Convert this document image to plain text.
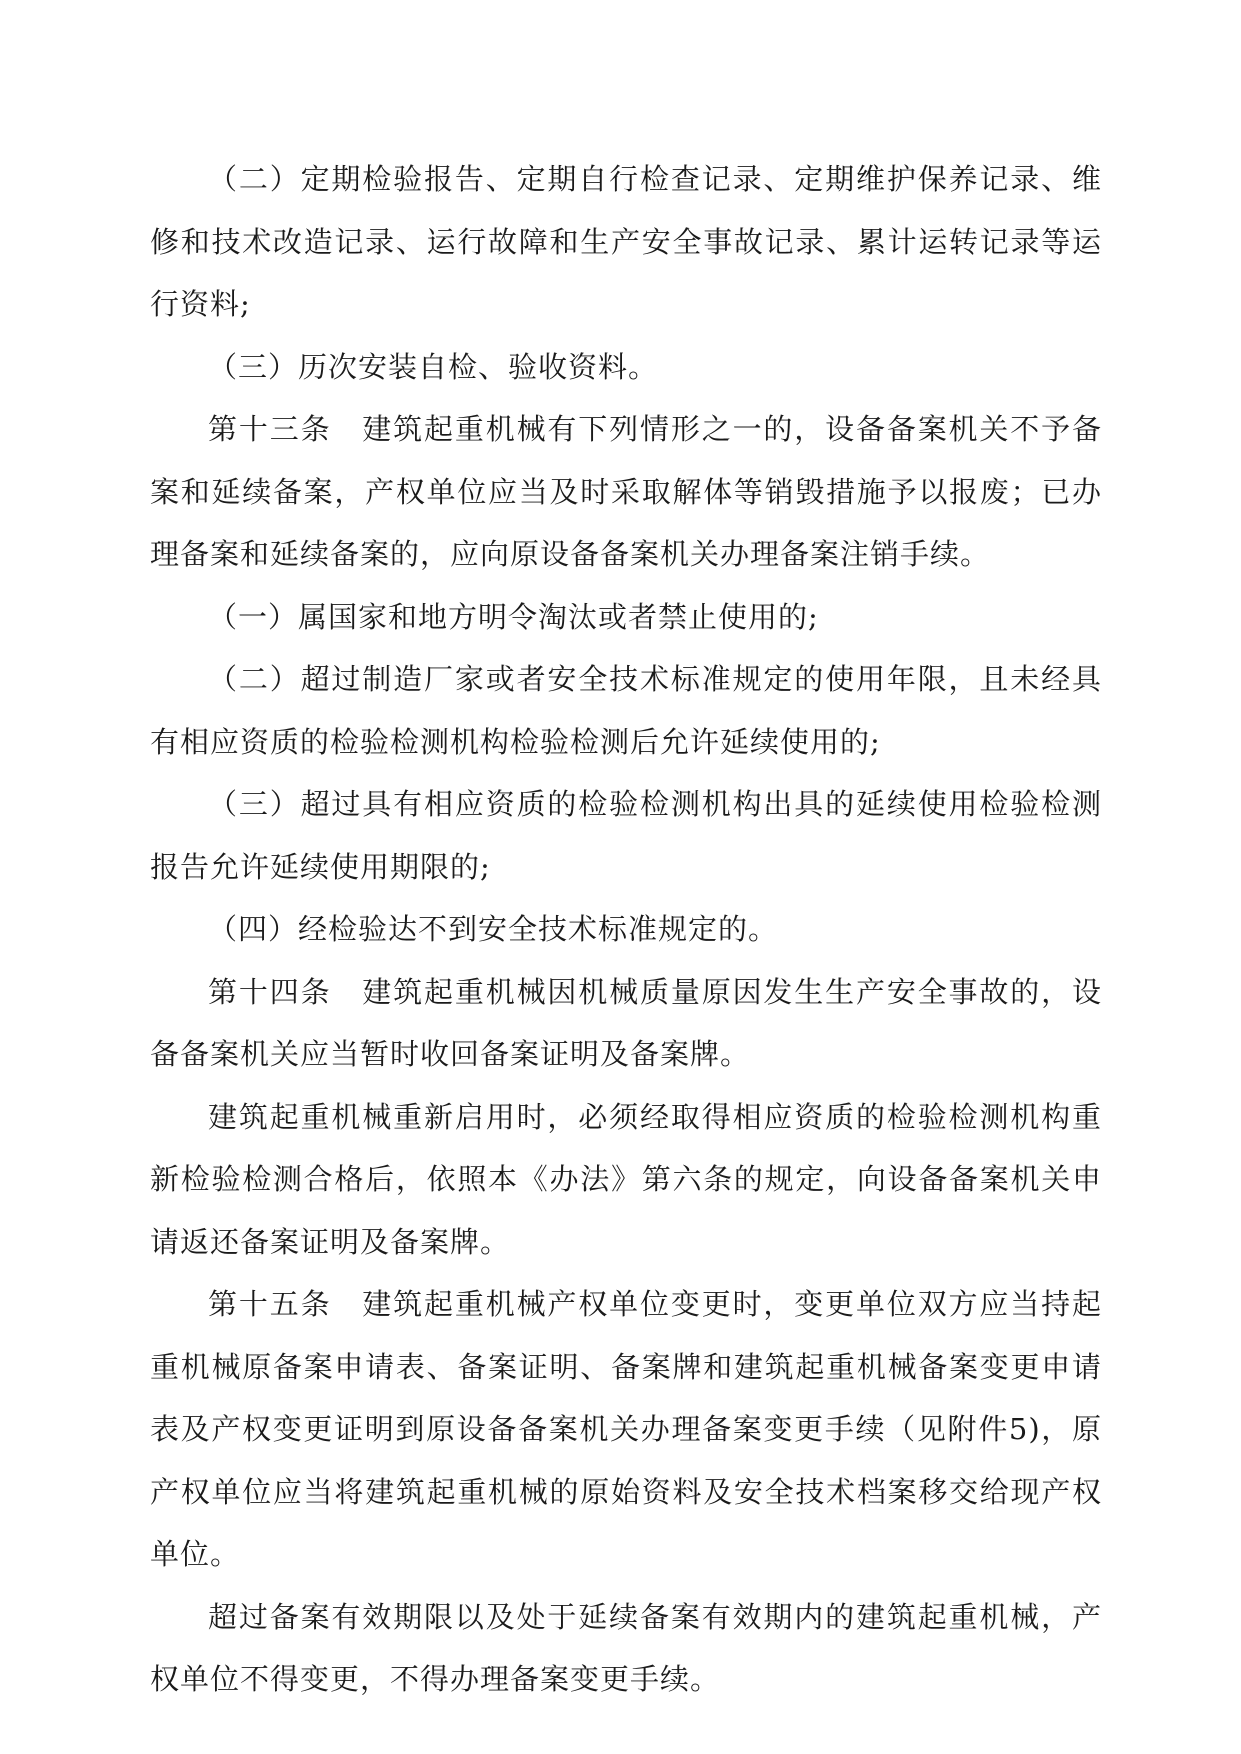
（二）定期检验报告、定期自行检查记录、定期维护保养记录、维修和技术改造记录、运行故障和生产安全事故记录、累计运转记录等运行资料;

（三）历次安装自检、验收资料。

第十三条　建筑起重机械有下列情形之一的，设备备案机关不予备案和延续备案，产权单位应当及时采取解体等销毁措施予以报废；已办理备案和延续备案的，应向原设备备案机关办理备案注销手续。

（一）属国家和地方明令淘汰或者禁止使用的;

（二）超过制造厂家或者安全技术标准规定的使用年限，且未经具有相应资质的检验检测机构检验检测后允许延续使用的;

（三）超过具有相应资质的检验检测机构出具的延续使用检验检测报告允许延续使用期限的;

（四）经检验达不到安全技术标准规定的。

第十四条　建筑起重机械因机械质量原因发生生产安全事故的，设备备案机关应当暂时收回备案证明及备案牌。

建筑起重机械重新启用时，必须经取得相应资质的检验检测机构重新检验检测合格后，依照本《办法》第六条的规定，向设备备案机关申请返还备案证明及备案牌。

第十五条　建筑起重机械产权单位变更时，变更单位双方应当持起重机械原备案申请表、备案证明、备案牌和建筑起重机械备案变更申请表及产权变更证明到原设备备案机关办理备案变更手续（见附件5)，原产权单位应当将建筑起重机械的原始资料及安全技术档案移交给现产权单位。

超过备案有效期限以及处于延续备案有效期内的建筑起重机械，产权单位不得变更，不得办理备案变更手续。
